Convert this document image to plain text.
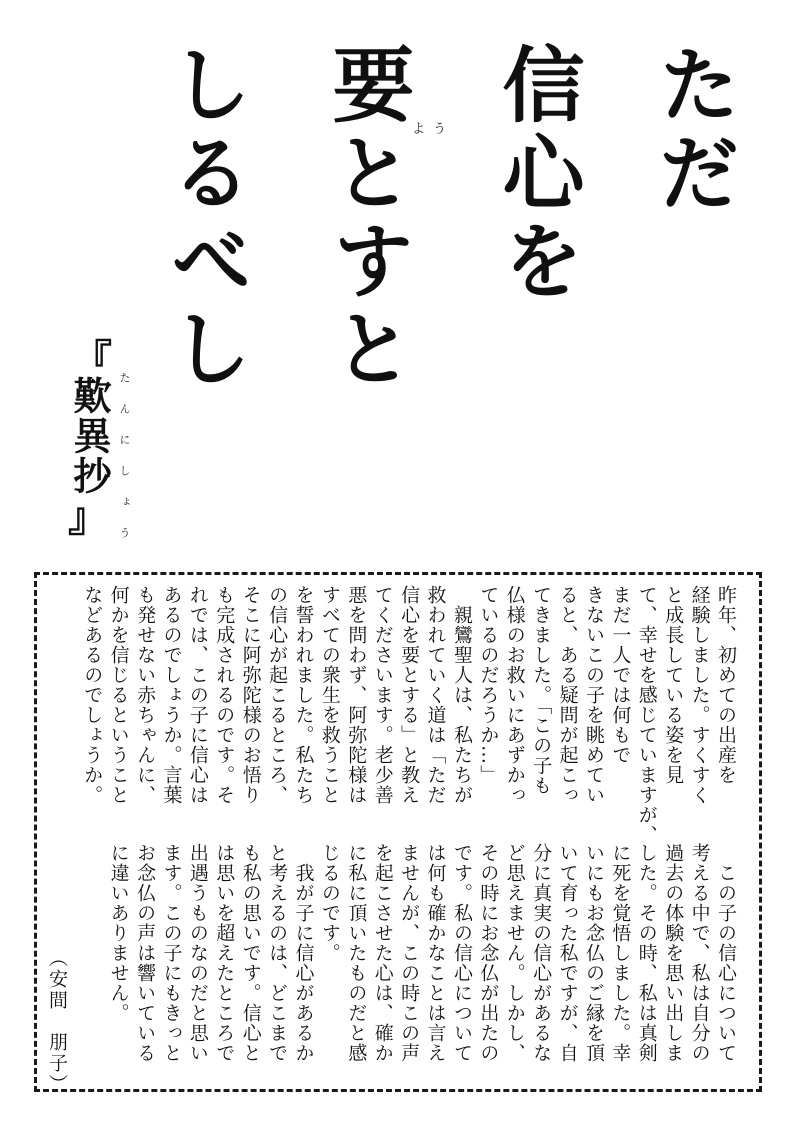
ただ
信心を
要とすと
しるべし	よう
『
歎異抄
』 たんにしょう
昨年、初めての出産を
経験しました。すくすく
と成長している姿を見
て、幸せを感じていますが、
まだ一人では何もで
きないこの子を眺めてい
ると、ある疑問が起こっ
てきました。「この子も
仏様のお救いにあずかっ
ているのだろうか…」
　親鸞聖人は、私たちが
救われていく道は「ただ
信心を要とする」と教え
てくださいます。老少善
悪を問わず、阿弥陀様は
すべての衆生を救うこと
を誓われました。私たち
の信心が起こるところ、
そこに阿弥陀様のお悟り
も完成されるのです。そ
れでは、この子に信心は
あるのでしょうか。言葉
も発せない赤ちゃんに、
何かを信じるということ
などあるのでしょうか。
　この子の信心について
考える中で、私は自分の
過去の体験を思い出しま
した。その時、私は真剣
に死を覚悟しました。幸
いにもお念仏のご縁を頂
いて育った私ですが、自
分に真実の信心があるな
ど思えません。しかし、
その時にお念仏が出たの
です。私の信心について
は何も確かなことは言え
ませんが、この時この声
を起こさせた心は、確か
に私に頂いたものだと感
じるのです。
　我が子に信心があるか
と考えるのは、どこまで
も私の思いです。信心と
は思いを超えたところで
出遇うものなのだと思い
ます。この子にもきっと
お念仏の声は響いている
に違いありません。
（安間　朋子）
